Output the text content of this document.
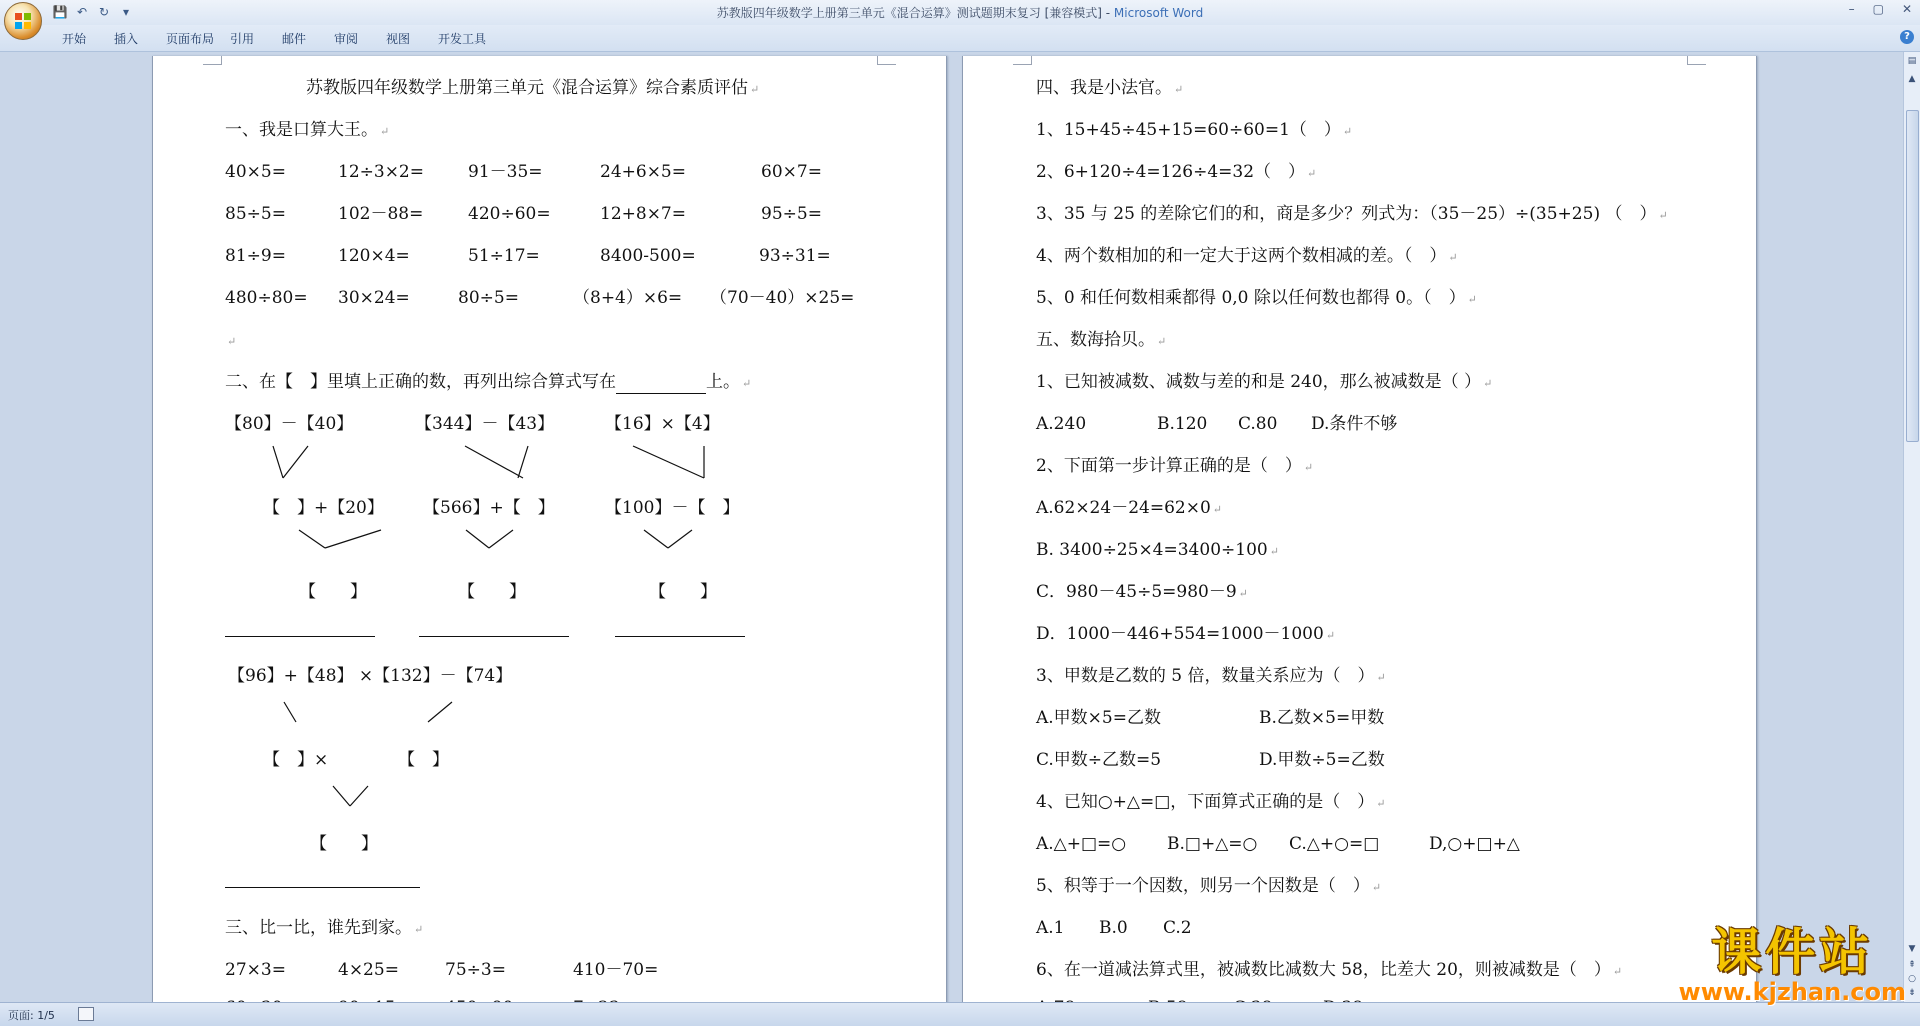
💾 ↶ ↻	▾	苏教版四年级数学上册第三单元《混合运算》测试题期末复习 [兼容模式] - Microsoft Word	– ▢ ✕
开始	插入	页面布局	引用	邮件	审阅	视图	开发工具	?
苏教版四年级数学上册第三单元《混合运算》综合素质评估 ↵
一、我是口算大王。 ↵
40×5=	12÷3×2=	91－35=	24+6×5=	60×7=
85÷5=	102－88=	420÷60=	12+8×7=	95÷5=
81÷9=	120×4=	51÷17=	8400-500=	93÷31=
480÷80= 30×24=	80÷5=	（8+4）×6= （70－40）×25=
↵
二、在【　】里填上正确的数，再列出综合算式写在	上。 ↵
【80】－【40】	【344】－【43】	【16】×【4】
【　】+【20】 【566】+【　】	【100】－【　】
【　　】	【　　】	【　　】
【96】+【48】 ×【132】－【74】
【　】×	【　】
【　　】
三、比一比，谁先到家。 ↵
27×3=	4×25=	75÷3=	410－70=
四、我是小法官。 ↵
1、15+45÷45+15=60÷60=1（　） ↵
2、6+120÷4=126÷4=32（　） ↵
3、35 与 25 的差除它们的和，商是多少？列式为：（35－25）÷(35+25) （　） ↵
4、两个数相加的和一定大于这两个数相减的差。（　） ↵
5、0 和任何数相乘都得 0,0 除以任何数也都得 0。（　） ↵
五、数海拾贝。 ↵
1、已知被减数、减数与差的和是 240，那么被减数是（ ） ↵
A.240	B.120 C.80 D.条件不够
2、下面第一步计算正确的是（　） ↵
A.62×24－24=62×0 ↵
B. 3400÷25×4=3400÷100 ↵
C．980－45÷5=980－9 ↵
D．1000－446+554=1000－1000 ↵
3、甲数是乙数的 5 倍，数量关系应为（　） ↵
A.甲数×5=乙数	B.乙数×5=甲数
C.甲数÷乙数=5	D.甲数÷5=乙数
4、已知○+△=□，下面算式正确的是（　） ↵
A.△+□=○ B.□+△=○ C.△+○=□	D,○+□+△
5、积等于一个因数，则另一个因数是（　） ↵
A.1 B.0 C.2
6、在一道减法算式里，被减数比减数大 58，比差大 20，则被减数是（　） ↵
▤
▲
▼
⇞
○
⇟
页面: 1/5
课件站
www.kjzhan.com
